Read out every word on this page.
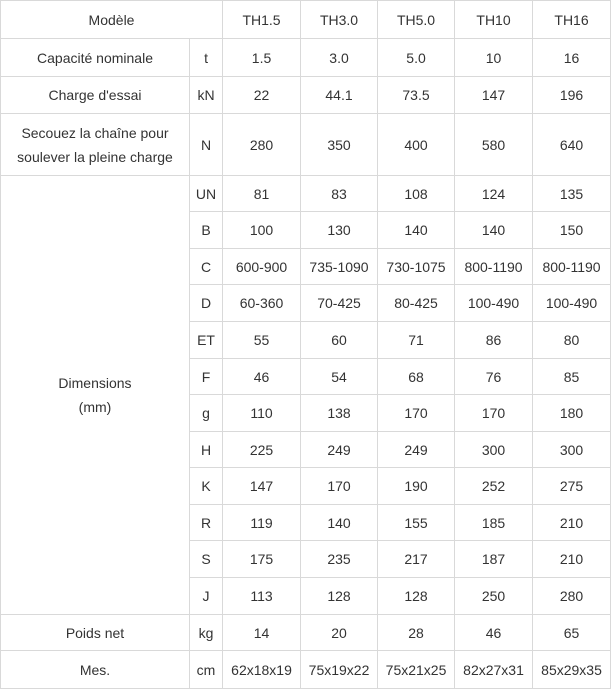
Modèle		TH1.5	TH3.0	TH5.0	TH10	TH16
Capacité nominale	t	1.5	3.0	5.0	10	16
Charge d'essai	kN	22	44.1	73.5	147	196
Secouez la chaîne pour
soulever la pleine charge	N	280	350	400	580	640
Dimensions
(mm)	UN	81	83	108	124	135
	B	100	130	140	140	150
	C	600-900	735-1090	730-1075	800-1190	800-1190
	D	60-360	70-425	80-425	100-490	100-490
	ET	55	60	71	86	80
	F	46	54	68	76	85
	g	110	138	170	170	180
	H	225	249	249	300	300
	K	147	170	190	252	275
	R	119	140	155	185	210
	S	175	235	217	187	210
	J	113	128	128	250	280
Poids net	kg	14	20	28	46	65
Mes.	cm	62x18x19	75x19x22	75x21x25	82x27x31	85x29x35
